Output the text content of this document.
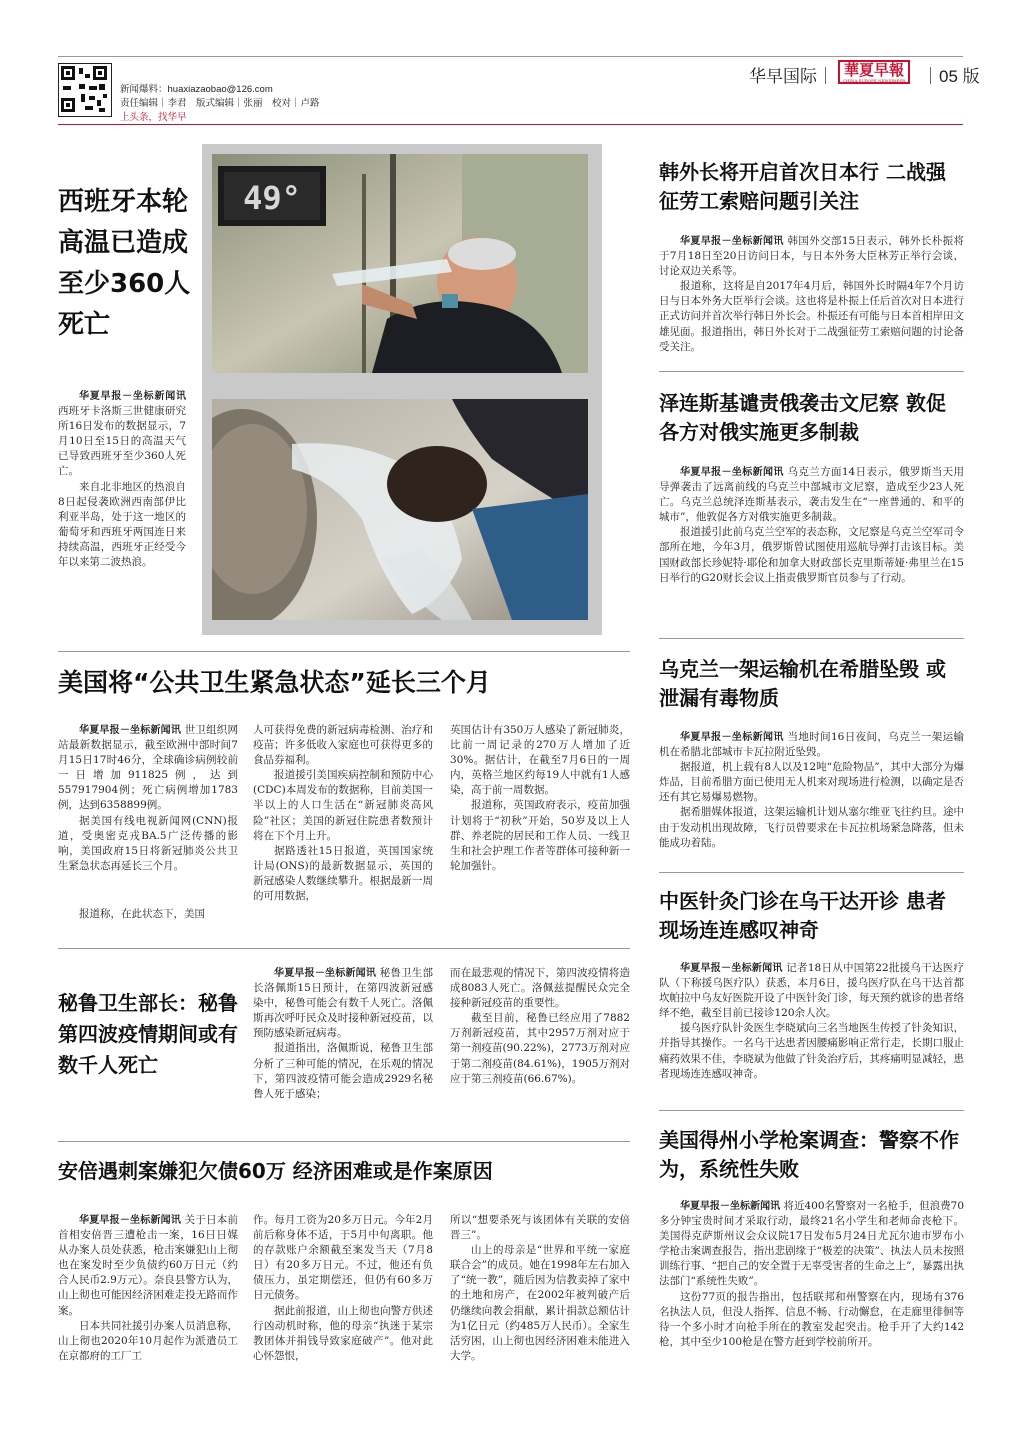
新闻爆料：huaxiazaobao@126.com
责任编辑｜李君　版式编辑｜张丽　校对｜卢路
上头条，找华早
华早国际｜ 華夏早報
CHINA EUROPE NEWSPAPER ｜05 版
西班牙本轮高温已造成至少360人死亡

华夏早报－坐标新闻讯 西班牙卡洛斯三世健康研究所16日发布的数据显示，7月10日至15日的高温天气已导致西班牙至少360人死亡。

来自北非地区的热浪自8日起侵袭欧洲西南部伊比利亚半岛，处于这一地区的葡萄牙和西班牙两国连日来持续高温，西班牙正经受今年以来第二波热浪。

49°
韩外长将开启首次日本行 二战强征劳工索赔问题引关注

华夏早报－坐标新闻讯 韩国外交部15日表示，韩外长朴振将于7月18日至20日访问日本，与日本外务大臣林芳正举行会谈，讨论双边关系等。

报道称，这将是自2017年4月后，韩国外长时隔4年7个月访日与日本外务大臣举行会谈。这也将是朴振上任后首次对日本进行正式访问并首次举行韩日外长会。朴振还有可能与日本首相岸田文雄见面。报道指出，韩日外长对于二战强征劳工索赔问题的讨论备受关注。

泽连斯基谴责俄袭击文尼察 敦促各方对俄实施更多制裁

华夏早报－坐标新闻讯 乌克兰方面14日表示，俄罗斯当天用导弹袭击了远离前线的乌克兰中部城市文尼察，造成至少23人死亡。乌克兰总统泽连斯基表示，袭击发生在“一座普通的、和平的城市”，他敦促各方对俄实施更多制裁。

报道援引此前乌克兰空军的表态称，文尼察是乌克兰空军司令部所在地，今年3月，俄罗斯曾试图使用巡航导弹打击该目标。美国财政部长珍妮特·耶伦和加拿大财政部长克里斯蒂娅·弗里兰在15日举行的G20财长会议上指责俄罗斯官员参与了行动。

美国将“公共卫生紧急状态”延长三个月

华夏早报－坐标新闻讯 世卫组织网站最新数据显示，截至欧洲中部时间7月15日17时46分，全球确诊病例较前一日增加911825例，达到557917904例；死亡病例增加1783例，达到6358899例。

据美国有线电视新闻网(CNN)报道，受奥密克戎BA.5广泛传播的影响，美国政府15日将新冠肺炎公共卫生紧急状态再延长三个月。

报道称，在此状态下，美国

人可获得免费的新冠病毒检测、治疗和疫苗；许多低收入家庭也可获得更多的食品券福利。

报道援引美国疾病控制和预防中心(CDC)本周发布的数据称，目前美国一半以上的人口生活在“新冠肺炎高风险”社区；美国的新冠住院患者数预计将在下个月上升。

据路透社15日报道，英国国家统计局(ONS)的最新数据显示，英国的新冠感染人数继续攀升。根据最新一周的可用数据，

英国估计有350万人感染了新冠肺炎，比前一周记录的270万人增加了近30%。据估计，在截至7月6日的一周内，英格兰地区约每19人中就有1人感染，高于前一周数据。

报道称，英国政府表示，疫苗加强计划将于“初秋”开始，50岁及以上人群、养老院的居民和工作人员、一线卫生和社会护理工作者等群体可接种新一轮加强针。

乌克兰一架运输机在希腊坠毁 或泄漏有毒物质

华夏早报－坐标新闻讯 当地时间16日夜间，乌克兰一架运输机在希腊北部城市卡瓦拉附近坠毁。

据报道，机上载有8人以及12吨“危险物品”，其中大部分为爆炸品，目前希腊方面已使用无人机来对现场进行检测，以确定是否还有其它易爆易燃物。

据希腊媒体报道，这架运输机计划从塞尔维亚飞往约旦。途中由于发动机出现故障，飞行员曾要求在卡瓦拉机场紧急降落，但未能成功着陆。

秘鲁卫生部长：秘鲁第四波疫情期间或有数千人死亡

华夏早报－坐标新闻讯 秘鲁卫生部长洛佩斯15日预计，在第四波新冠感染中，秘鲁可能会有数千人死亡。洛佩斯再次呼吁民众及时接种新冠疫苗，以预防感染新冠病毒。

报道指出，洛佩斯说，秘鲁卫生部分析了三种可能的情况，在乐观的情况下，第四波疫情可能会造成2929名秘鲁人死于感染；

而在最悲观的情况下，第四波疫情将造成8083人死亡。洛佩兹提醒民众完全接种新冠疫苗的重要性。

截至目前，秘鲁已经应用了7882万剂新冠疫苗，其中2957万剂对应于第一剂疫苗(90.22%)，2773万剂对应于第二剂疫苗(84.61%)，1905万剂对应于第三剂疫苗(66.67%)。

中医针灸门诊在乌干达开诊 患者现场连连感叹神奇

华夏早报－坐标新闻讯 记者18日从中国第22批援乌干达医疗队（下称援乌医疗队）获悉，本月6日，援乌医疗队在乌干达首都坎帕拉中乌友好医院开设了中医针灸门诊，每天预约就诊的患者络绎不绝，截至目前已接诊120余人次。

援乌医疗队针灸医生李晓斌向三名当地医生传授了针灸知识，并指导其操作。一名乌干达患者因腰痛影响正常行走，长期口服止痛药效果不佳，李晓斌为他做了针灸治疗后，其疼痛明显减轻，患者现场连连感叹神奇。

安倍遇刺案嫌犯欠债60万 经济困难或是作案原因

华夏早报－坐标新闻讯 关于日本前首相安倍晋三遭枪击一案，16日日媒从办案人员处获悉，枪击案嫌犯山上彻也在案发时至少负债约60万日元（约合人民币2.9万元）。奈良县警方认为，山上彻也可能因经济困难走投无路而作案。

日本共同社援引办案人员消息称，山上彻也2020年10月起作为派遣员工在京都府的工厂工

作。每月工资为20多万日元。今年2月前后称身体不适，于5月中旬离职。他的存款账户余额截至案发当天（7月8日）有20多万日元。不过，他还有负债压力，虽定期偿还，但仍有60多万日元债务。

据此前报道，山上彻也向警方供述行凶动机时称，他的母亲“执迷于某宗教团体并捐钱导致家庭破产”。他对此心怀怨恨，

所以“想要杀死与该团体有关联的安倍晋三”。

山上的母亲是“世界和平统一家庭联合会”的成员。她在1998年左右加入了“统一教”，随后因为信教卖掉了家中的土地和房产，在2002年被判破产后仍继续向教会捐献，累计捐款总额估计为1亿日元（约485万人民币）。全家生活穷困，山上彻也因经济困难未能进入大学。

美国得州小学枪案调查：警察不作为，系统性失败

华夏早报－坐标新闻讯 将近400名警察对一名枪手，但浪费70多分钟宝贵时间才采取行动，最终21名小学生和老师命丧枪下。美国得克萨斯州议会众议院17日发布5月24日尤瓦尔迪市罗布小学枪击案调查报告，指出悲剧缘于“极差的决策”、执法人员未按照训练行事、“把自己的安全置于无辜受害者的生命之上”，暴露出执法部门“系统性失败”。

这份77页的报告指出，包括联邦和州警察在内，现场有376名执法人员，但没人指挥、信息不畅、行动懈怠，在走廊里徘徊等待一个多小时才向枪手所在的教室发起突击。枪手开了大约142枪，其中至少100枪是在警方赶到学校前所开。
